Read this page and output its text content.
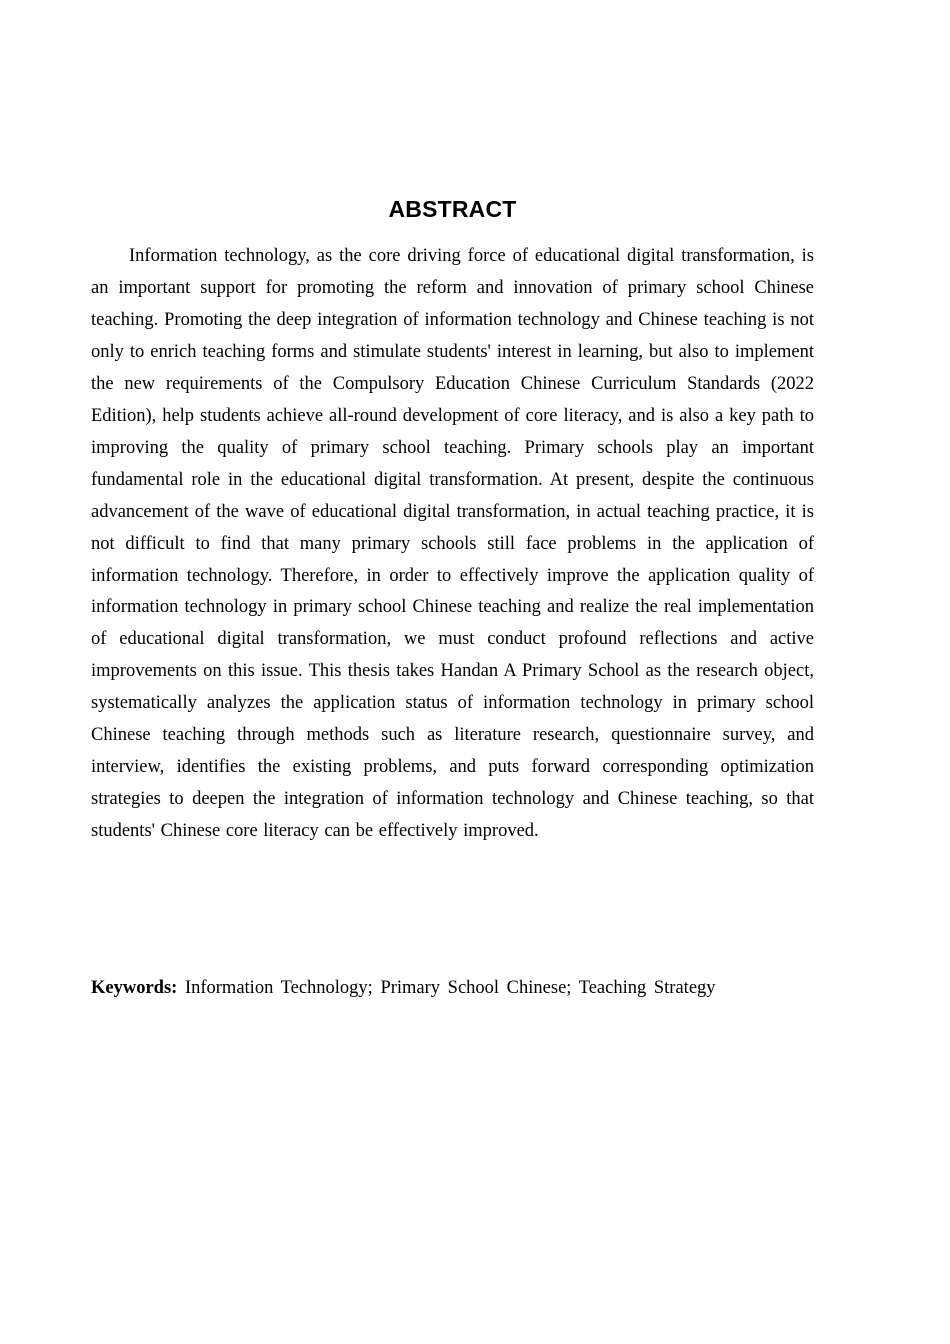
ABSTRACT

Information technology, as the core driving force of educational digital transformation, is an important support for promoting the reform and innovation of primary school Chinese teaching. Promoting the deep integration of information technology and Chinese teaching is not only to enrich teaching forms and stimulate students' interest in learning, but also to implement the new requirements of the Compulsory Education Chinese Curriculum Standards (2022 Edition), help students achieve all-round development of core literacy, and is also a key path to improving the quality of primary school teaching. Primary schools play an important fundamental role in the educational digital transformation. At present, despite the continuous advancement of the wave of educational digital transformation, in actual teaching practice, it is not difficult to find that many primary schools still face problems in the application of information technology. Therefore, in order to effectively improve the application quality of information technology in primary school Chinese teaching and realize the real implementation of educational digital transformation, we must conduct profound reflections and active improvements on this issue. This thesis takes Handan A Primary School as the research object, systematically analyzes the application status of information technology in primary school Chinese teaching through methods such as literature research, questionnaire survey, and interview, identifies the existing problems, and puts forward corresponding optimization strategies to deepen the integration of information technology and Chinese teaching, so that students' Chinese core literacy can be effectively improved.

Keywords: Information Technology; Primary School Chinese; Teaching Strategy
